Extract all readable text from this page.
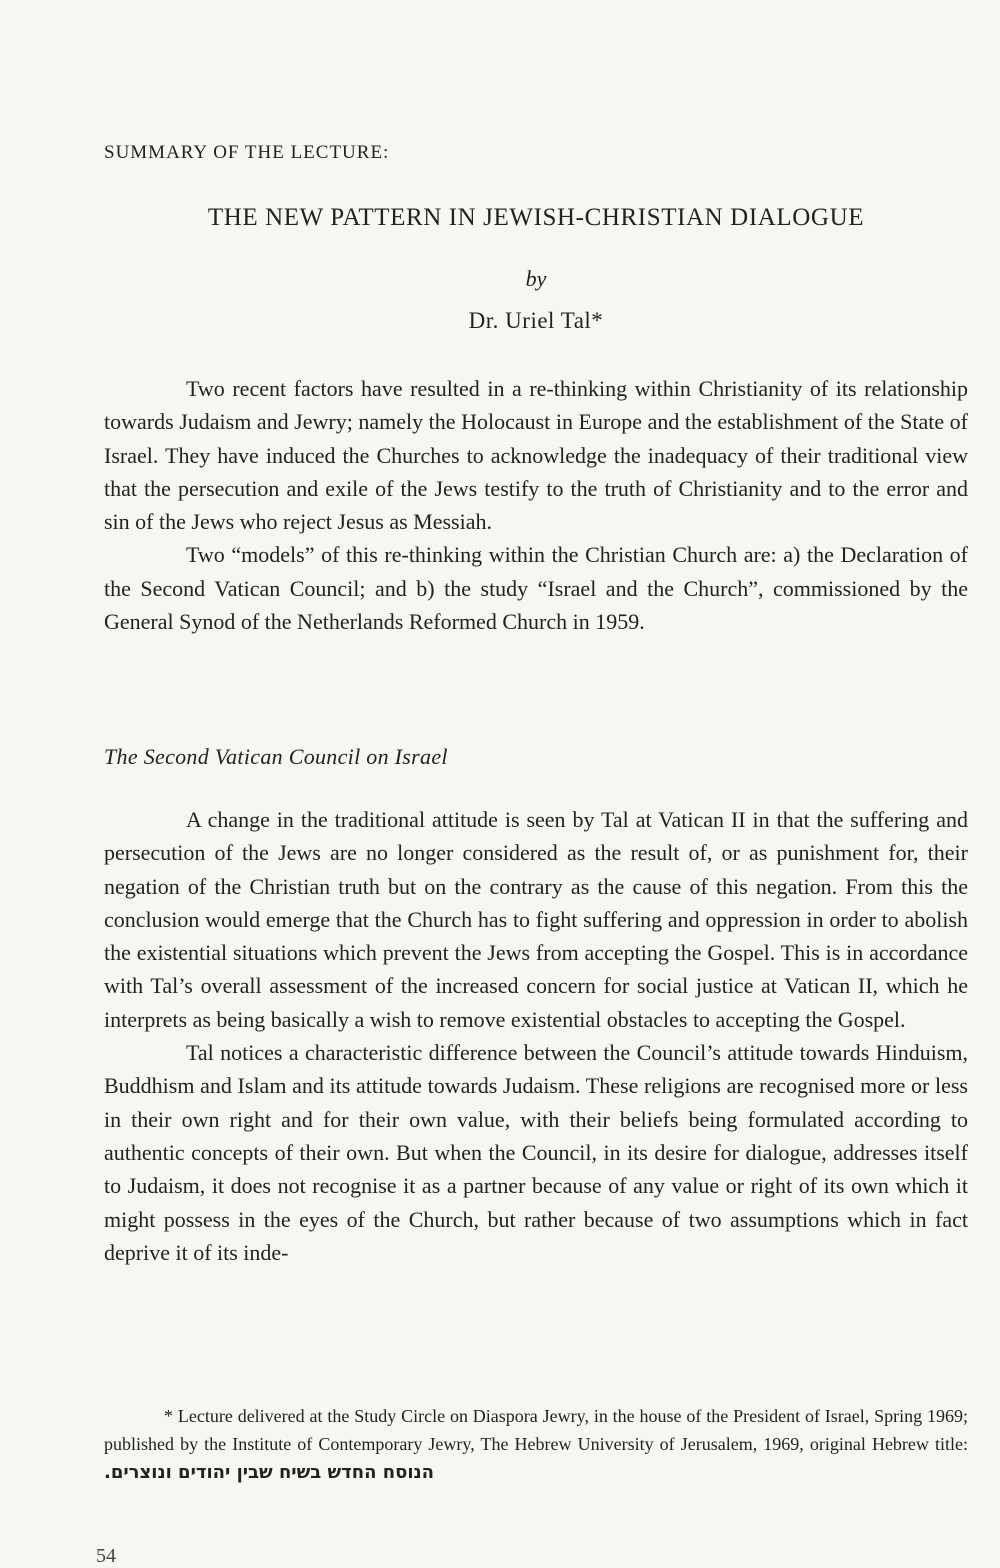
SUMMARY OF THE LECTURE:
THE NEW PATTERN IN JEWISH-CHRISTIAN DIALOGUE
by
Dr. Uriel Tal*

Two recent factors have resulted in a re-thinking within Christianity of its relationship towards Judaism and Jewry; namely the Holocaust in Europe and the establishment of the State of Israel. They have induced the Churches to acknowledge the inadequacy of their traditional view that the persecution and exile of the Jews testify to the truth of Christianity and to the error and sin of the Jews who reject Jesus as Messiah.

Two “models” of this re-thinking within the Christian Church are: a) the Declaration of the Second Vatican Council; and b) the study “Israel and the Church”, commissioned by the General Synod of the Netherlands Reformed Church in 1959.

The Second Vatican Council on Israel

A change in the traditional attitude is seen by Tal at Vatican II in that the suffering and persecution of the Jews are no longer considered as the result of, or as punishment for, their negation of the Christian truth but on the contrary as the cause of this negation. From this the conclusion would emerge that the Church has to fight suffering and oppression in order to abolish the existential situations which prevent the Jews from accepting the Gospel. This is in accordance with Tal’s overall assessment of the increased concern for social justice at Vatican II, which he interprets as being basically a wish to remove existential obstacles to accepting the Gospel.

Tal notices a characteristic difference between the Council’s attitude towards Hinduism, Buddhism and Islam and its attitude towards Judaism. These religions are recognised more or less in their own right and for their own value, with their beliefs being formulated according to authentic concepts of their own. But when the Council, in its desire for dialogue, addresses itself to Judaism, it does not recognise it as a partner because of any value or right of its own which it might possess in the eyes of the Church, but rather because of two assumptions which in fact deprive it of its inde-

* Lecture delivered at the Study Circle on Diaspora Jewry, in the house of the President of Israel, Spring 1969; published by the Institute of Contemporary Jewry, The Hebrew University of Jerusalem, 1969, original Hebrew title: הנוסח החדש בשיח שבין יהודים ונוצרים.
54
